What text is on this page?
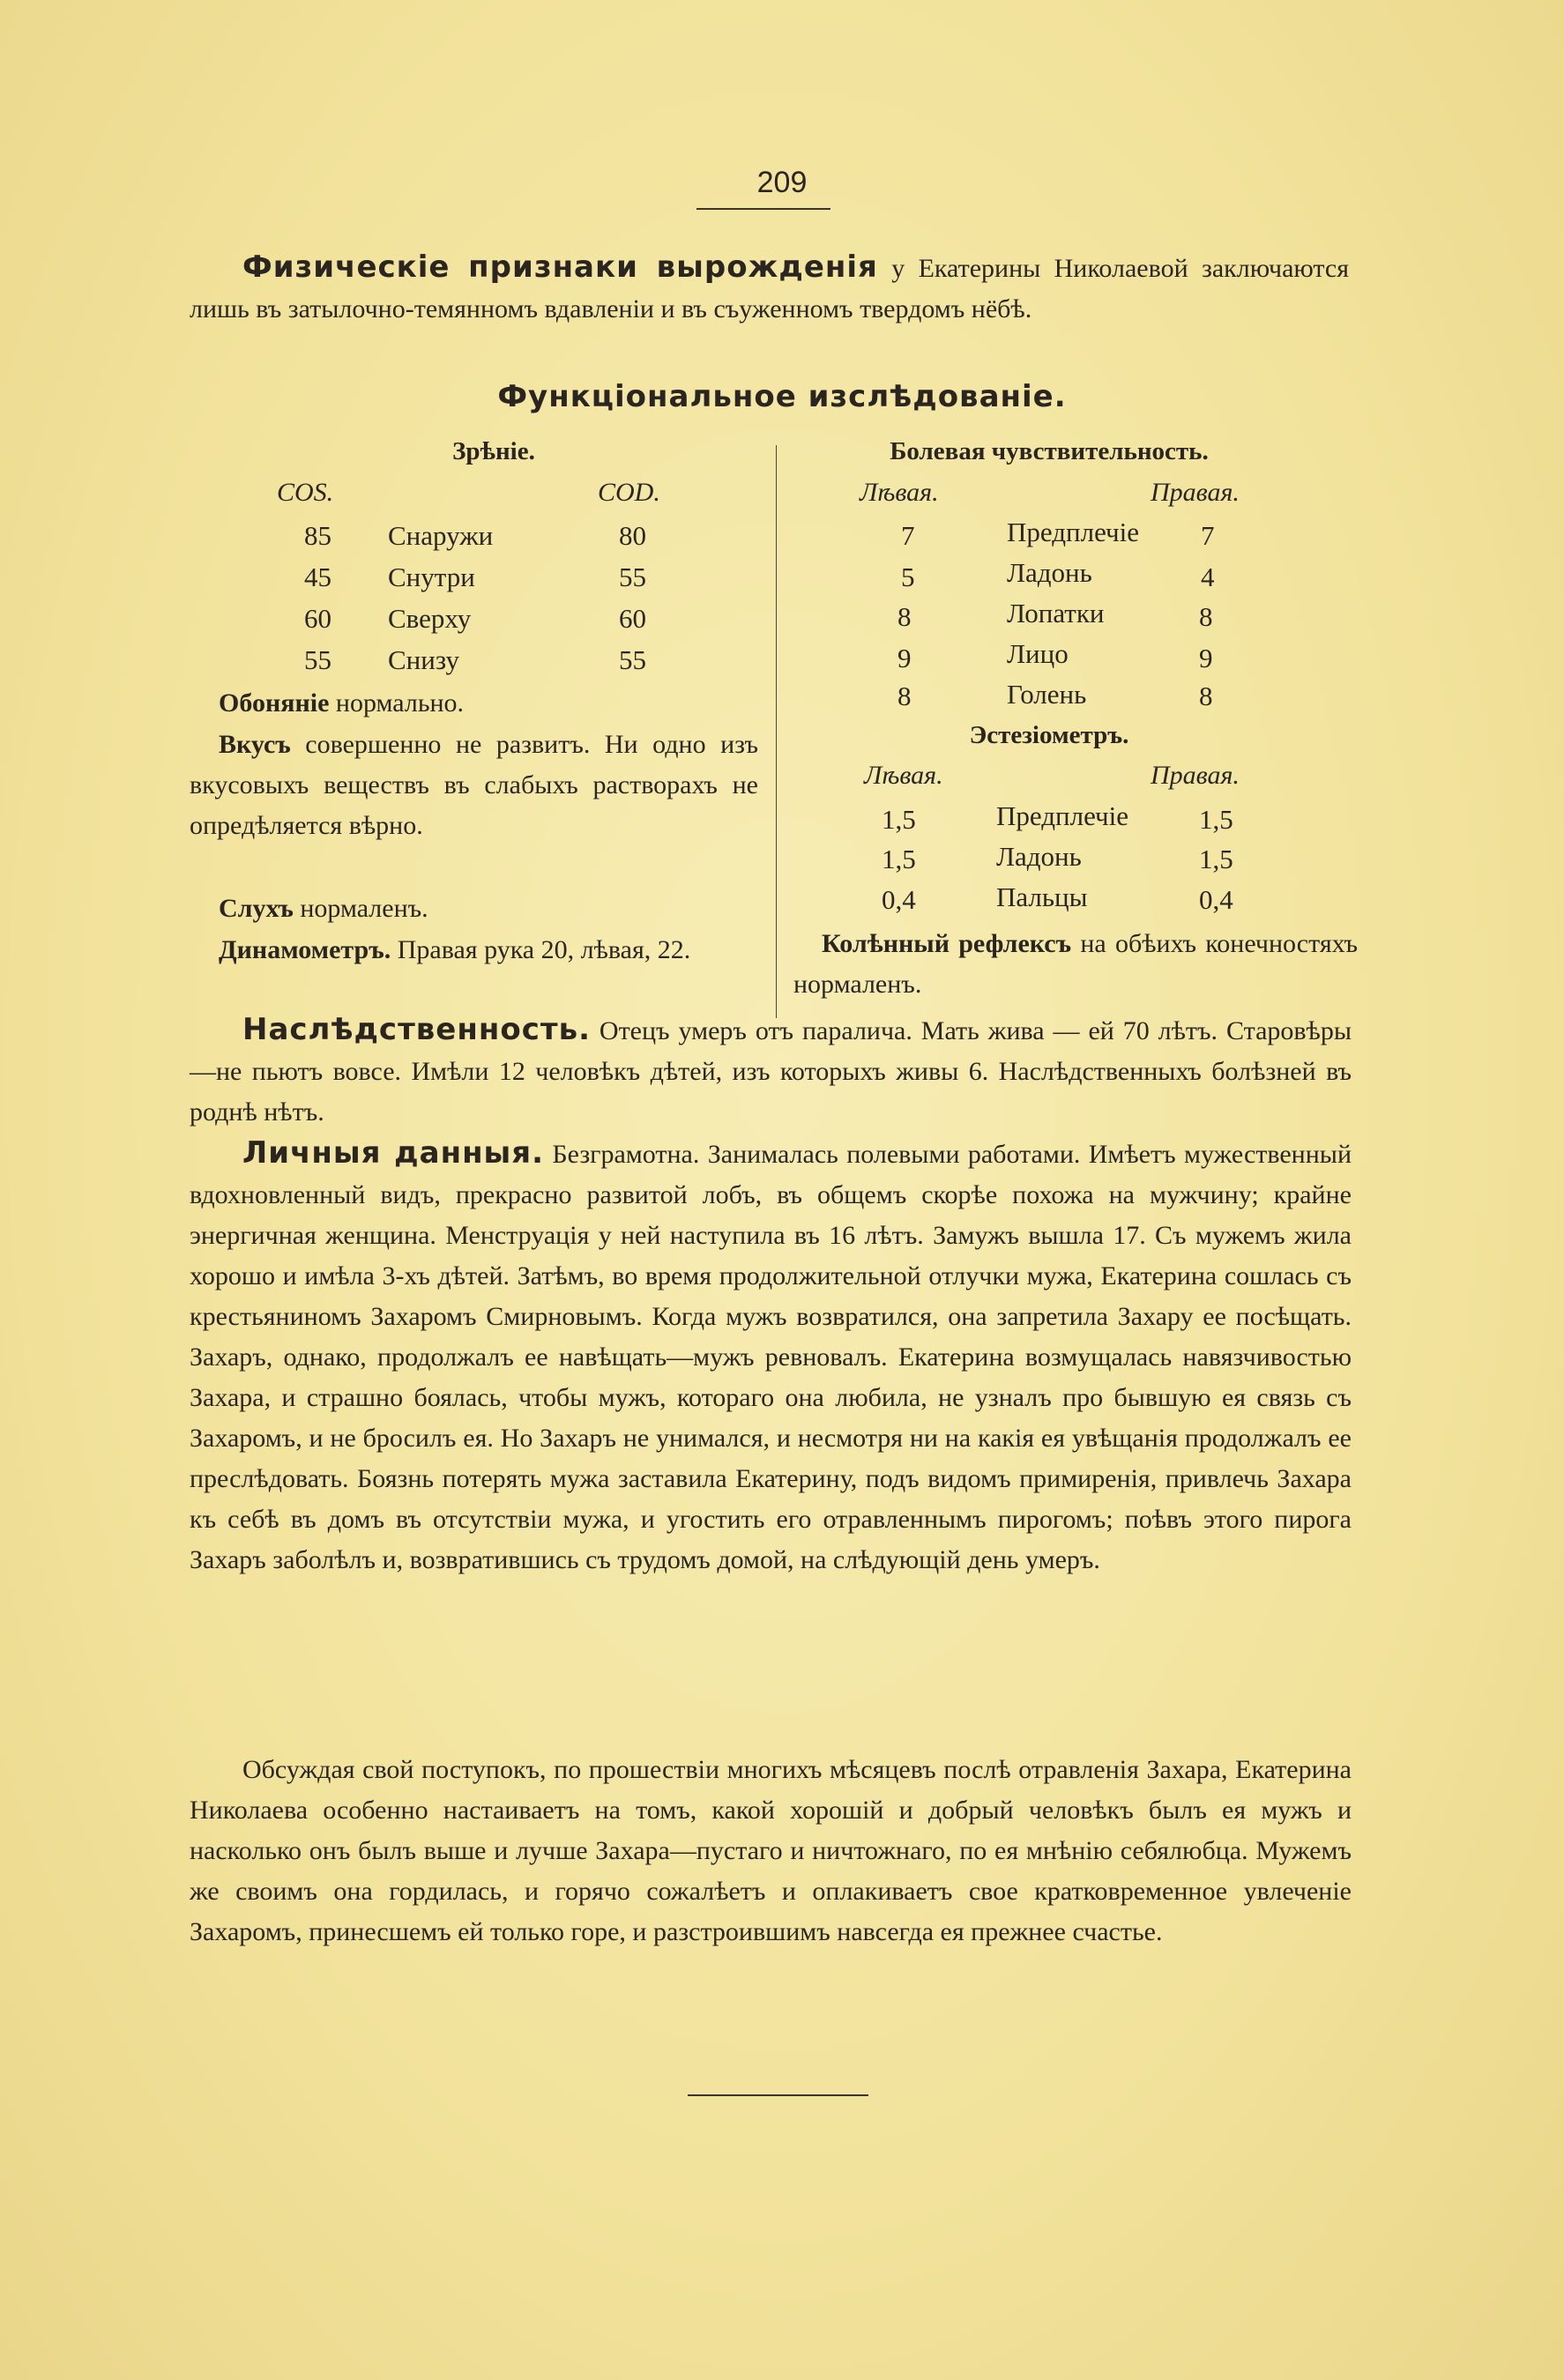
209
Физическіе признаки вырожденія у Екатерины Николаевой заключаются лишь въ затылочно-темянномъ вдавленіи и въ съуженномъ твердомъ нёбѣ.
Функціональное изслѣдованіе.
Зрѣніе.
COS.	COD.
85 Снаружи	80
45 Снутри	55
60 Сверху	60
55 Снизу	55
Обоняніе нормально.
Вкусъ совершенно не развитъ. Ни одно изъ вкусовыхъ веществъ въ слабыхъ растворахъ не опредѣляется вѣрно.
Слухъ нормаленъ.
Динамометръ. Правая рука 20, лѣвая, 22.
Болевая чувствительность.
Лѣвая.	Правая.
7	Предплечіе 7
5	Ладонь	4
8	Лопатки	8
9	Лицо	9
8	Голень	8
Эстезіометръ.
Лѣвая.	Правая.
1,5	Предплечіе	1,5
1,5	Ладонь	1,5
0,4	Пальцы	0,4
Колѣнный рефлексъ на обѣихъ конечностяхъ нормаленъ.
Наслѣдственность. Отецъ умеръ отъ паралича. Мать жива — ей 70 лѣтъ. Старовѣры—не пьютъ вовсе. Имѣли 12 человѣкъ дѣтей, изъ которыхъ живы 6. Наслѣдственныхъ болѣзней въ роднѣ нѣтъ.
Личныя данныя. Безграмотна. Занималась полевыми работами. Имѣетъ мужественный вдохновленный видъ, прекрасно развитой лобъ, въ общемъ скорѣе похожа на мужчину; крайне энергичная женщина. Менструація у ней наступила въ 16 лѣтъ. Замужъ вышла 17. Съ мужемъ жила хорошо и имѣла 3-хъ дѣтей. Затѣмъ, во время продолжительной отлучки мужа, Екатерина сошлась съ крестьяниномъ Захаромъ Смирновымъ. Когда мужъ возвратился, она запретила Захару ее посѣщать. Захаръ, однако, продолжалъ ее навѣщать—мужъ ревновалъ. Екатерина возмущалась навязчивостью Захара, и страшно боялась, чтобы мужъ, котораго она любила, не узналъ про бывшую ея связь съ Захаромъ, и не бросилъ ея. Но Захаръ не унимался, и несмотря ни на какія ея увѣщанія продолжалъ ее преслѣдовать. Боязнь потерять мужа заставила Екатерину, подъ видомъ примиренія, привлечь Захара къ себѣ въ домъ въ отсутствіи мужа, и угостить его отравленнымъ пирогомъ; поѣвъ этого пирога Захаръ заболѣлъ и, возвратившись съ трудомъ домой, на слѣдующій день умеръ.
Обсуждая свой поступокъ, по прошествіи многихъ мѣсяцевъ послѣ отравленія Захара, Екатерина Николаева особенно настаиваетъ на томъ, какой хорошій и добрый человѣкъ былъ ея мужъ и насколько онъ былъ выше и лучше Захара—пустаго и ничтожнаго, по ея мнѣнію себялюбца. Мужемъ же своимъ она гордилась, и горячо сожалѣетъ и оплакиваетъ свое кратковременное увлеченіе Захаромъ, принесшемъ ей только горе, и разстроившимъ навсегда ея прежнее счастье.
